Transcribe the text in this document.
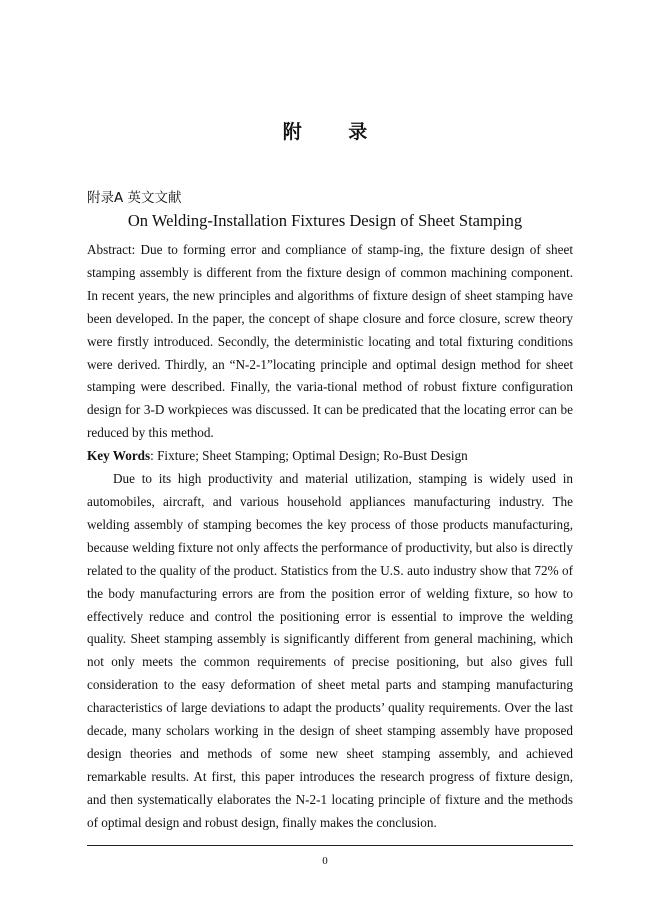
附 录
附录A 英文文献
On Welding-Installation Fixtures Design of Sheet Stamping

Abstract: Due to forming error and compliance of stamp-ing, the fixture design of sheet stamping assembly is different from the fixture design of common machining component. In recent years, the new principles and algorithms of fixture design of sheet stamping have been developed. In the paper, the concept of shape closure and force closure, screw theory were firstly introduced. Secondly, the deterministic locating and total fixturing conditions were derived. Thirdly, an “N-2-1”locating principle and optimal design method for sheet stamping were described. Finally, the varia-tional method of robust fixture configuration design for 3-D workpieces was discussed. It can be predicated that the locating error can be reduced by this method.

Key Words: Fixture; Sheet Stamping; Optimal Design; Ro-Bust Design

Due to its high productivity and material utilization, stamping is widely used in automobiles, aircraft, and various household appliances manufacturing industry. The welding assembly of stamping becomes the key process of those products manufacturing, because welding fixture not only affects the performance of productivity, but also is directly related to the quality of the product. Statistics from the U.S. auto industry show that 72% of the body manufacturing errors are from the position error of welding fixture, so how to effectively reduce and control the positioning error is essential to improve the welding quality. Sheet stamping assembly is significantly different from general machining, which not only meets the common requirements of precise positioning, but also gives full consideration to the easy deformation of sheet metal parts and stamping manufacturing characteristics of large deviations to adapt the products’ quality requirements. Over the last decade, many scholars working in the design of sheet stamping assembly have proposed design theories and methods of some new sheet stamping assembly, and achieved remarkable results. At first, this paper introduces the research progress of fixture design, and then systematically elaborates the N-2-1 locating principle of fixture and the methods of optimal design and robust design, finally makes the conclusion.

0
